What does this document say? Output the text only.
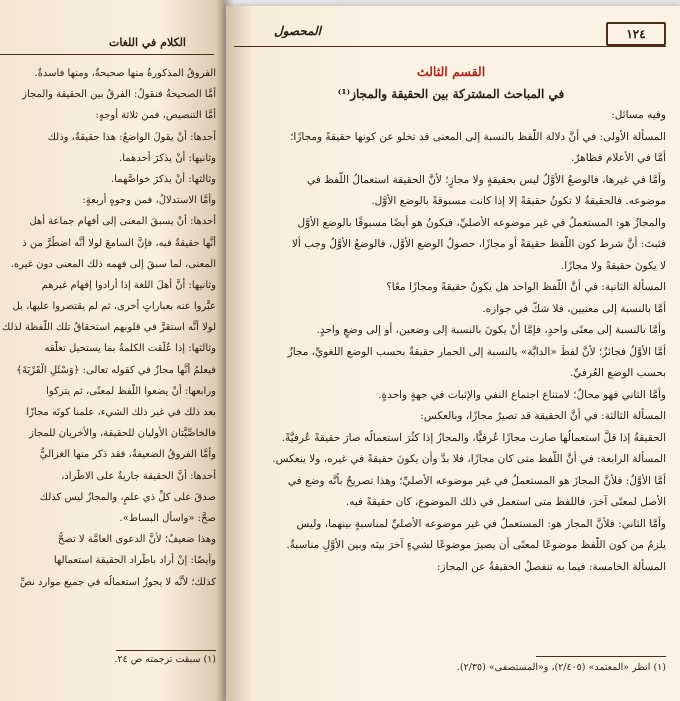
الكلام في اللغات
الفروقُ المذكورةُ منها صحيحةٌ، ومنها فاسدةٌ.
أمَّا الصحيحةُ فنقولُ: الفرقُ بين الحقيقة والمجاز
أمَّا التنصيص، فمن ثلاثة أوجهٍ:
أحدها: أنْ يقولَ الواضعُ: هذا حقيقةٌ، وذلك
وثانيها: أنْ يذكرَ أحدهما.
وثالثها: أنْ يذكرَ خواصَّهما.
وأمَّا الاستدلالُ، فمن وجوهٍ أربعةٍ:
أحدها: أنْ يسبقَ المعنى إلى أفهام جماعة أهل
أنَّها حقيقةٌ فيه، فإنَّ السامعَ لولا أنَّه اضطُرَّ من ذ
المعنى، لما سبقَ إلى فهمه ذلك المعنى دون غيره.
وثانيها: أنَّ أهلَ اللغة إذا أرادوا إفهام غيرهم
عبَّروا عنه بعباراتٍ أخرى، ثم لم يقتصروا عليها، بل
لولا أنَّه استقرَّ في قلوبهم استحقاقُ تلك اللَّفظة لذلك
وثالثها: إذا عُلِّقت الكلمةُ بما يستحيل تعلُّقه
فيعلمُ أنَّها مجازٌ في كقوله تعالى: ﴿وَسْئَلِ الْقَرْيَةَ﴾
ورابعها: أنْ يضعوا اللَّفظ لمعنًى، ثم يتركوا
بعد ذلك في غير ذلك الشيء، علمنا كونَه مجازًا
فالخاصِّيَّتان الأُوليان للحقيقة، والأخريان للمجاز
وأمَّا الفروقُ الضعيفةُ، فقد ذكر منها الغزاليُّ
أحدها: أنَّ الحقيقة جاريةٌ على الاطِّراد،
صدقَ على كلِّ ذي علمٍ، والمجازُ ليس كذلك
صحَّ: «واسأل البساط».
وهذا ضعيفٌ؛ لأنَّ الدعوى العامَّة لا تصحُّ
وأيضًا: إنْ أراد باطِّراد الحقيقة استعمالها
كذلك؛ لأنَّه لا يجوزُ استعمالُه في جميع موارد نصِّ
(١) سبقت ترجمته ص ٢٤.
١٢٤
المحصول
القسم الثالث
في المباحث المشتركة بين الحقيقة والمجاز⁽¹⁾
وفيه مسائل:
المسألة الأولى: في أنَّ دلالة اللَّفظ بالنسبة إلى المعنى قد تخلو عن كونها حقيقةً ومجازًا؛
أمَّا في الأعلام فظاهرٌ.
وأمَّا في غيرها، فالوضعُ الأوَّلُ ليس بحقيقةٍ ولا مجازٍ؛ لأنَّ الحقيقة استعمالُ اللَّفظ في
موضوعه. فالحقيقةُ لا تكونُ حقيقةً إلا إذا كانت مسبوقةً بالوضع الأوَّل.
والمجازُ هو: المستعملُ في غير موضوعه الأصليِّ، فيكونُ هو أيضًا مسبوقًا بالوضع الأوَّل
فثبتَ: أنَّ شرط كون اللَّفظ حقيقةً أو مجازًا، حصولُ الوضع الأوَّل، فالوضعُ الأوَّلُ وجب ألا
لا يكونَ حقيقةً ولا مجازًا.
المسألة الثانية: في أنَّ اللَّفظ الواحد هل يكونُ حقيقةً ومجازًا معًا؟
أمَّا بالنسبة إلى معنيين، فلا شكَّ في جوازه.
وأمَّا بالنسبة إلى معنًى واحدٍ، فإمَّا أنْ يكونَ بالنسبة إلى وضعين، أو إلى وضعٍ واحدٍ.
أمَّا الأوَّلُ فجائزٌ؛ لأنَّ لفظَ «الدابَّة» بالنسبة إلى الحمار حقيقةٌ بحسب الوضع اللغويِّ، مجازٌ
بحسب الوضع العُرفيِّ.
وأمَّا الثاني فهو محالٌ؛ لامتناع اجتماع النفي والإثبات في جهةٍ واحدةٍ.
المسألة الثالثة: في أنَّ الحقيقة قد تصيرُ مجازًا، وبالعكس:
الحقيقةُ إذا قلَّ استعمالُها صارت مجازًا عُرفيًّا، والمجازُ إذا كثُرَ استعمالُه صارَ حقيقةً عُرفيَّةً.
المسألة الرابعة: في أنَّ اللَّفظ متى كان مجازًا، فلا بدَّ وأن يكونَ حقيقةً في غيره، ولا ينعكس.
أمَّا الأوَّلُ: فلأنَّ المجازَ هو المستعملُ في غير موضوعه الأصليِّ؛ وهذا تصريحٌ بأنَّه وضع في
الأصل لمعنًى آخرَ، فاللفظ متى استعمل في ذلك الموضوع، كان حقيقةً فيه.
وأمَّا الثاني: فلأنَّ المجاز هو: المستعملُ في غير موضوعه الأصليِّ لمناسبةٍ بينهما، وليس
يلزمُ من كون اللَّفظ موضوعًا لمعنًى أن يصيرَ موضوعًا لشيءٍ آخرَ بينَه وبين الأوَّلِ مناسبةٌ.
المسألة الخامسة: فيما به تنفصلُ الحقيقةُ عن المجاز:
(١) انظر «المعتمد» (٢/٤٠٥)، و«المستصفى» (٢/٣٥).
